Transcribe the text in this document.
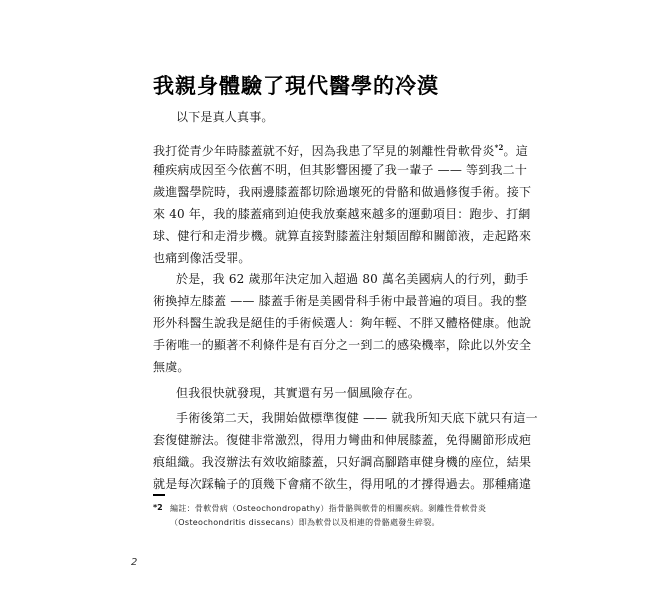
我親身體驗了現代醫學的冷漠
以下是真人真事。
我打從青少年時膝蓋就不好，因為我患了罕見的剝離性骨軟骨炎$^{*2}$。這
種疾病成因至今依舊不明，但其影響困擾了我一輩子 —— 等到我二十
歲進醫學院時，我兩邊膝蓋都切除過壞死的骨骼和做過修復手術。接下
來 40 年，我的膝蓋痛到迫使我放棄越來越多的運動項目：跑步、打網
球、健行和走滑步機。就算直接對膝蓋注射類固醇和關節液，走起路來
也痛到像活受罪。
於是，我 62 歲那年決定加入超過 80 萬名美國病人的行列，動手
術換掉左膝蓋 —— 膝蓋手術是美國骨科手術中最普遍的項目。我的整
形外科醫生說我是絕佳的手術候選人：夠年輕、不胖又體格健康。他說
手術唯一的顯著不利條件是有百分之一到二的感染機率，除此以外安全
無虞。
但我很快就發現，其實還有另一個風險存在。
手術後第二天，我開始做標準復健 —— 就我所知天底下就只有這一
套復健辦法。復健非常激烈，得用力彎曲和伸展膝蓋，免得關節形成疤
痕組織。我沒辦法有效收縮膝蓋，只好調高腳踏車健身機的座位，結果
就是每次踩輪子的頂幾下會痛不欲生，得用吼的才撐得過去。那種痛違
*2 編註：骨軟骨病（Osteochondropathy）指骨骼與軟骨的相關疾病。剝離性骨軟骨炎
（Osteochondritis dissecans）即為軟骨以及相連的骨骼處發生碎裂。
2
